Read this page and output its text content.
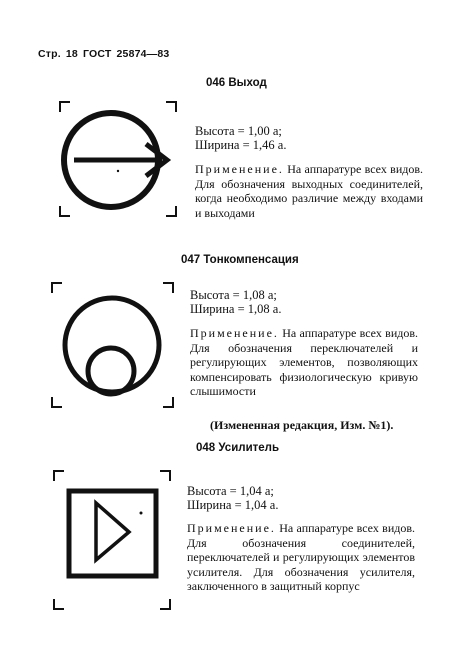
Стр. 18 ГОСТ 25874—83
046 Выход
Высота = 1,00 а;
Ширина = 1,46 а.
Применение. На аппаратуре всех видов. Для обозначения выходных соединителей, когда необходимо различие между входами и выходами
047 Тонкомпенсация
Высота = 1,08 а;
Ширина = 1,08 а.
Применение. На аппаратуре всех видов. Для обозначения переключателей и регулирующих элементов, позволяющих компенсировать физиологическую кривую слышимости
(Измененная редакция, Изм. №1).
048 Усилитель
Высота = 1,04 а;
Ширина = 1,04 а.
Применение. На аппаратуре всех видов. Для обозначения соединителей, переключателей и регулирующих элементов усилителя. Для обозначения усилителя, заключенного в защитный корпус
